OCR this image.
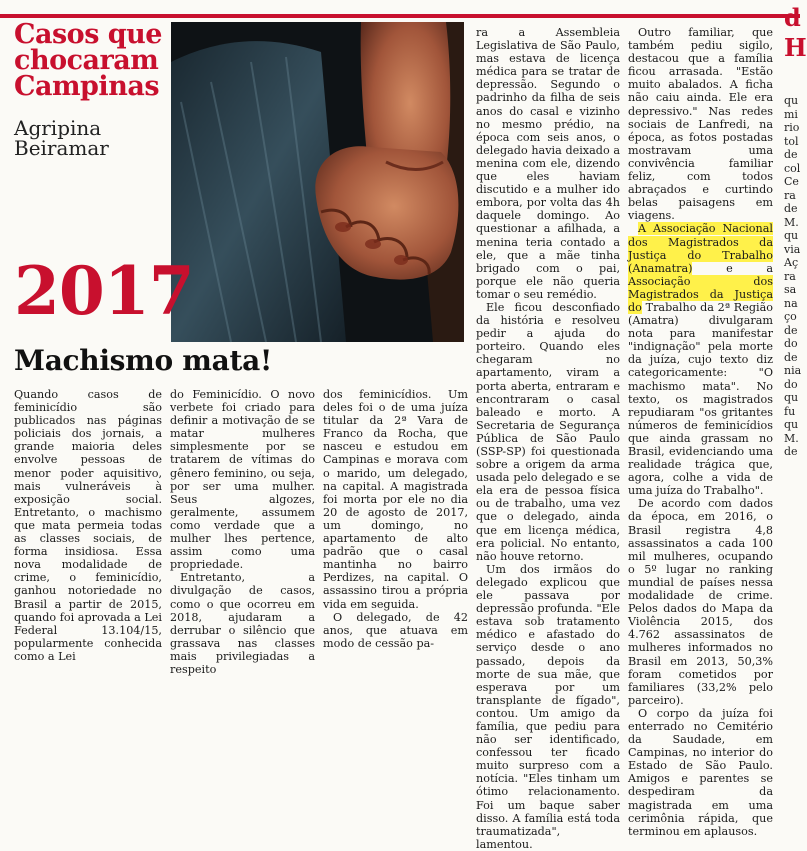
Casos que chocaram Campinas
Agripina Beiramar
2017
Machismo mata!

Quando casos de feminicídio são publicados nas páginas policiais dos jornais, a grande maioria deles envolve pessoas de menor poder aquisitivo, mais vulneráveis à exposição social. Entretanto, o machismo que mata permeia todas as classes sociais, de forma insidiosa. Essa nova modalidade de crime, o feminicídio, ganhou notoriedade no Brasil a partir de 2015, quando foi aprovada a Lei Federal 13.104/15, popularmente conhecida como a Lei

do Feminicídio. O novo verbete foi criado para definir a motivação de se matar mulheres simplesmente por se tratarem de vítimas do gênero feminino, ou seja, por ser uma mulher. Seus algozes, geralmente, assumem como verdade que a mulher lhes pertence, assim como uma propriedade.

Entretanto, a divulgação de casos, como o que ocorreu em 2018, ajudaram a derrubar o silêncio que grassava nas classes mais privilegiadas a respeito

dos feminicídios. Um deles foi o de uma juíza titular da 2ª Vara de Franco da Rocha, que nasceu e estudou em Campinas e morava com o marido, um delegado, na capital. A magistrada foi morta por ele no dia 20 de agosto de 2017, um domingo, no apartamento de alto padrão que o casal mantinha no bairro Perdizes, na capital. O assassino tirou a própria vida em seguida.

O delegado, de 42 anos, que atuava em modo de cessão pa-

ra a Assembleia Legislativa de São Paulo, mas estava de licença médica para se tratar de depressão. Segundo o padrinho da filha de seis anos do casal e vizinho no mesmo prédio, na época com seis anos, o delegado havia deixado a menina com ele, dizendo que eles haviam discutido e a mulher ido embora, por volta das 4h daquele domingo. Ao questionar a afilhada, a menina teria contado a ele, que a mãe tinha brigado com o pai, porque ele não queria tomar o seu remédio.

Ele ficou desconfiado da história e resolveu pedir a ajuda do porteiro. Quando eles chegaram no apartamento, viram a porta aberta, entraram e encontraram o casal baleado e morto. A Secretaria de Segurança Pública de São Paulo (SSP-SP) foi questionada sobre a origem da arma usada pelo delegado e se ela era de pessoa física ou de trabalho, uma vez que o delegado, ainda que em licença médica, era policial. No entanto, não houve retorno.

Um dos irmãos do delegado explicou que ele passava por depressão profunda. "Ele estava sob tratamento médico e afastado do serviço desde o ano passado, depois da morte de sua mãe, que esperava por um transplante de fígado", contou. Um amigo da família, que pediu para não ser identificado, confessou ter ficado muito surpreso com a notícia. "Eles tinham um ótimo relacionamento. Foi um baque saber disso. A família está toda traumatizada", lamentou.

Outro familiar, que também pediu sigilo, destacou que a família ficou arrasada. "Estão muito abalados. A ficha não caiu ainda. Ele era depressivo." Nas redes sociais de Lanfredi, na época, as fotos postadas mostravam uma convivência familiar feliz, com todos abraçados e curtindo belas paisagens em viagens.

A Associação Nacional dos Magistrados da Justiça do Trabalho (Anamatra) e a Associação dos Magistrados da Justiça do Trabalho da 2ª Região (Amatra) divulgaram nota para manifestar "indignação" pela morte da juíza, cujo texto diz categoricamente: "O machismo mata". No texto, os magistrados repudiaram "os gritantes números de feminicídios que ainda grassam no Brasil, evidenciando uma realidade trágica que, agora, colhe a vida de uma juíza do Trabalho".

De acordo com dados da época, em 2016, o Brasil registra 4,8 assassinatos a cada 100 mil mulheres, ocupando o 5º lugar no ranking mundial de países nessa modalidade de crime. Pelos dados do Mapa da Violência 2015, dos 4.762 assassinatos de mulheres informados no Brasil em 2013, 50,3% foram cometidos por familiares (33,2% pelo parceiro).

O corpo da juíza foi enterrado no Cemitério da Saudade, em Campinas, no interior do Estado de São Paulo. Amigos e parentes se despediram da magistrada em uma cerimônia rápida, que terminou em aplausos.

d
H
qu
mi
rio
tol
de
col
Ce
ra
de
M.
qu
via
Aç
ra
sa
na
ço
de
do
de
nia
do
qu
fu
qu
M.
de
